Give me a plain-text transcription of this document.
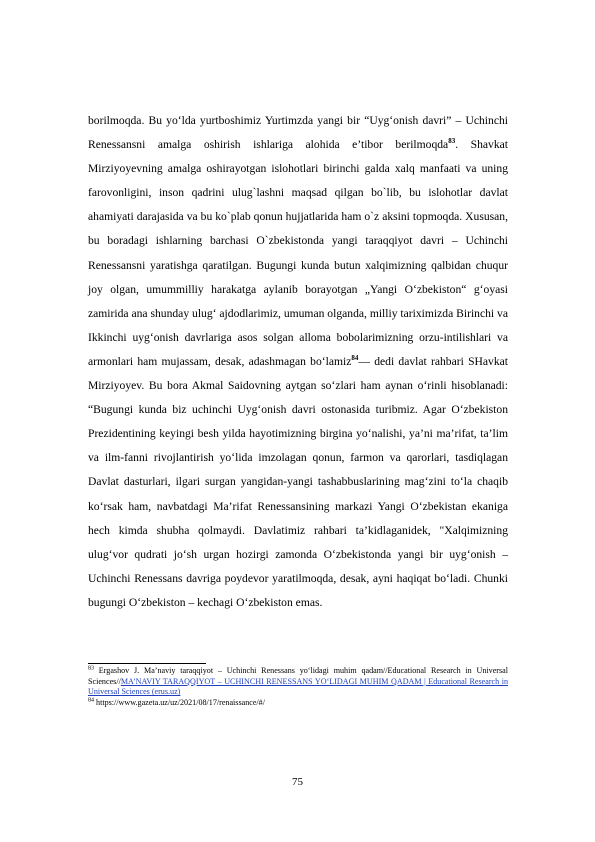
borilmoqda. Bu yo‘lda yurtboshimiz Yurtimzda yangi bir “Uyg‘onish davri” – Uchinchi Renessansni amalga oshirish ishlariga alohida e’tibor berilmoqda$^{83}$. Shavkat Mirziyoyevning amalga oshirayotgan islohotlari birinchi galda xalq manfaati va uning farovonligini, inson qadrini ulug`lashni maqsad qilgan bo`lib, bu islohotlar davlat ahamiyati darajasida va bu ko`plab qonun hujjatlarida ham o`z aksini topmoqda. Xususan, bu boradagi ishlarning barchasi O`zbekistonda yangi taraqqiyot davri – Uchinchi Renessansni yaratishga qaratilgan. Bugungi kunda butun xalqimizning qalbidan chuqur joy olgan, umummilliy harakatga aylanib borayotgan „Yangi O‘zbekiston“ g‘oyasi zamirida ana shunday ulug‘ ajdodlarimiz, umuman olganda, milliy tariximizda Birinchi va Ikkinchi uyg‘onish davrlariga asos solgan alloma bobolarimizning orzu-intilishlari va armonlari ham mujassam, desak, adashmagan bo‘lamiz$^{84}$— dedi davlat rahbari SHavkat Mirziyoyev. Bu bora Akmal Saidovning aytgan so‘zlari ham aynan o‘rinli hisoblanadi: “Bugungi kunda biz uchinchi Uyg‘onish davri ostonasida turibmiz. Agar O‘zbekiston Prezidentining keyingi besh yilda hayotimizning birgina yo‘nalishi, ya’ni ma’rifat, ta’lim va ilm-fanni rivojlantirish yo‘lida imzolagan qonun, farmon va qarorlari, tasdiqlagan Davlat dasturlari, ilgari surgan yangidan-yangi tashabbuslarining mag‘zini to‘la chaqib ko‘rsak ham, navbatdagi Ma’rifat Renessansining markazi Yangi O‘zbekistan ekaniga hech kimda shubha qolmaydi. Davlatimiz rahbari ta’kidlaganidek, "Xalqimizning ulug‘vor qudrati jo‘sh urgan hozirgi zamonda O‘zbekistonda yangi bir uyg‘onish – Uchinchi Renessans davriga poydevor yaratilmoqda, desak, ayni haqiqat bo‘ladi. Chunki bugungi O‘zbekiston – kechagi O‘zbekiston emas.

$^{83}$ Ergashov J. Ma’naviy taraqqiyot – Uchinchi Renessans yo‘lidagi muhim qadam//Educational Research in Universal Sciences//MA’NAVIY TARAQQIYOT – UCHINCHI RENESSANS YO‘LIDAGI MUHIM QADAM | Educational Research in Universal Sciences (erus.uz)
$^{84}$ https://www.gazeta.uz/uz/2021/08/17/renaissance/#/
75
